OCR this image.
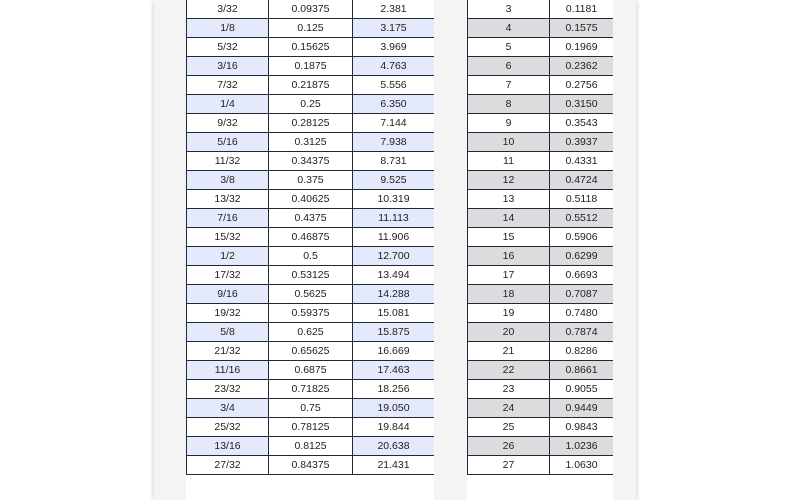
3/32	0.09375	2.381
1/8	0.125	3.175
5/32	0.15625	3.969
3/16	0.1875	4.763
7/32	0.21875	5.556
1/4	0.25	6.350
9/32	0.28125	7.144
5/16	0.3125	7.938
11/32	0.34375	8.731
3/8	0.375	9.525
13/32	0.40625	10.319
7/16	0.4375	11.113
15/32	0.46875	11.906
1/2	0.5	12.700
17/32	0.53125	13.494
9/16	0.5625	14.288
19/32	0.59375	15.081
5/8	0.625	15.875
21/32	0.65625	16.669
11/16	0.6875	17.463
23/32	0.71825	18.256
3/4	0.75	19.050
25/32	0.78125	19.844
13/16	0.8125	20.638
27/32	0.84375	21.431
3	0.1181
4	0.1575
5	0.1969
6	0.2362
7	0.2756
8	0.3150
9	0.3543
10	0.3937
11	0.4331
12	0.4724
13	0.5118
14	0.5512
15	0.5906
16	0.6299
17	0.6693
18	0.7087
19	0.7480
20	0.7874
21	0.8286
22	0.8661
23	0.9055
24	0.9449
25	0.9843
26	1.0236
27	1.0630
